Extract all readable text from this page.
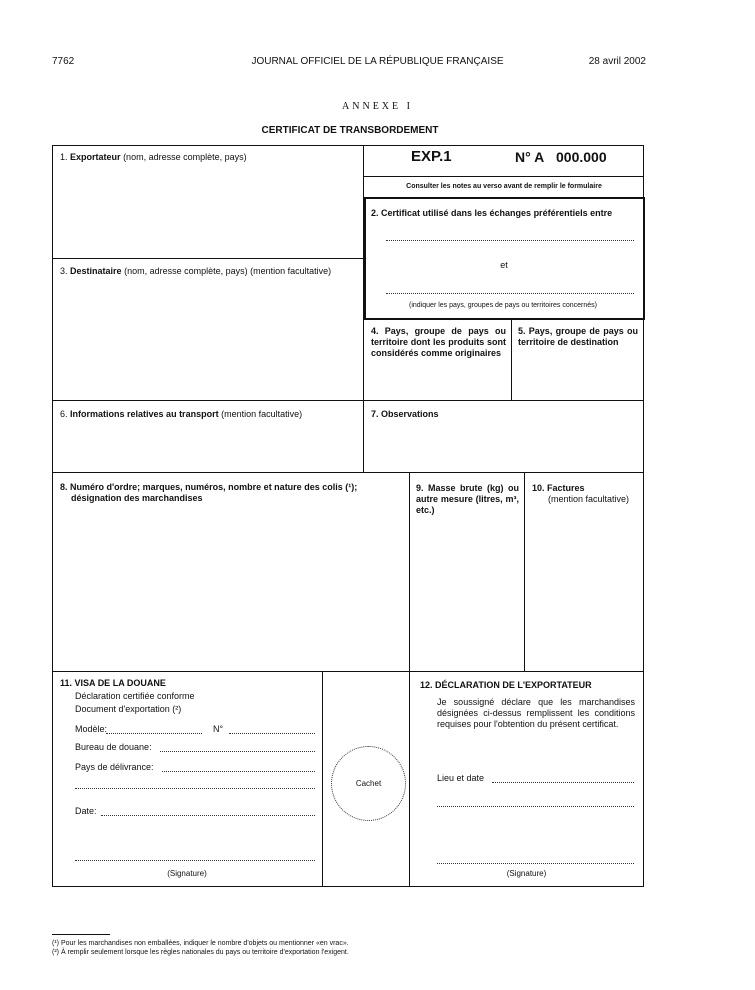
7762	JOURNAL OFFICIEL DE LA RÉPUBLIQUE FRANÇAISE	28 avril 2002
ANNEXE I
CERTIFICAT DE TRANSBORDEMENT
1. Exportateur (nom, adresse complète, pays)	EXP.1	N° A 000.000
Consulter les notes au verso avant de remplir le formulaire
2. Certificat utilisé dans les échanges préférentiels entre
et
(indiquer les pays, groupes de pays ou territoires concernés)
3. Destinataire (nom, adresse complète, pays) (mention facultative)
4. Pays, groupe de pays ou territoire dont les produits sont considérés comme originaires
5. Pays, groupe de pays ou territoire de destination
6. Informations relatives au transport (mention facultative)	7. Observations
8. Numéro d'ordre; marques, numéros, nombre et nature des colis (¹);
désignation des marchandises
9. Masse brute (kg) ou autre mesure (litres, m³, etc.)
10. Factures
(mention facultative)
11. VISA DE LA DOUANE
Déclaration certifiée conforme
Document d'exportation (²)
Modèle:	N°
Bureau de douane:
Pays de délivrance:
Date:
(Signature)
Cachet
12. DÉCLARATION DE L'EXPORTATEUR
Je soussigné déclare que les marchandises désignées ci-dessus remplissent les conditions requises pour l'obtention du présent certificat.
Lieu et date
(Signature)
(¹) Pour les marchandises non emballées, indiquer le nombre d'objets ou mentionner «en vrac».
(²) À remplir seulement lorsque les règles nationales du pays ou territoire d'exportation l'exigent.
